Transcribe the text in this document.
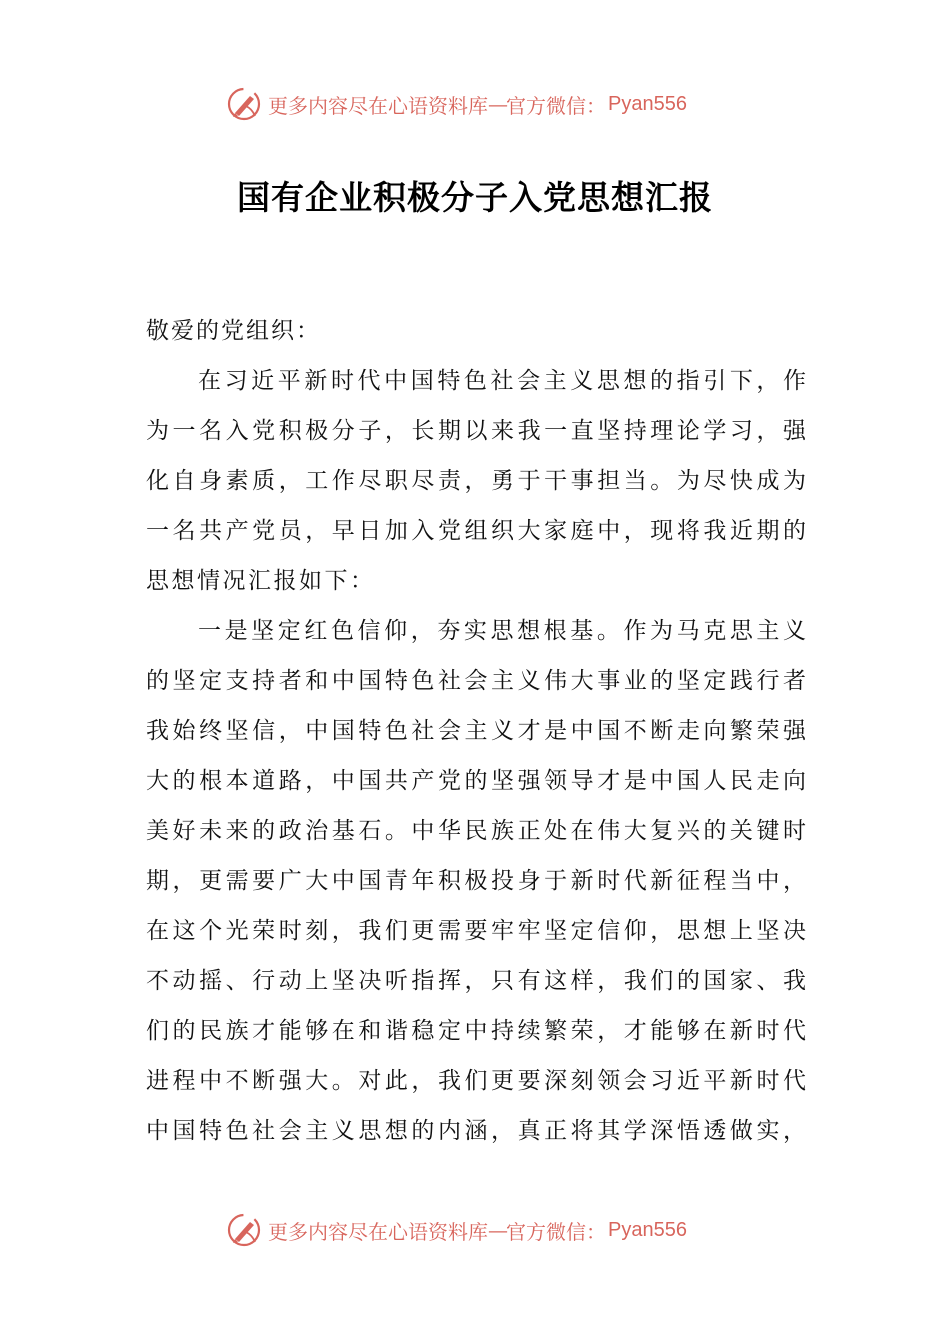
更多内容尽在心语资料库 — 官方微信： Pyan556
国有企业积极分子入党思想汇报
敬爱的党组织：
在习近平新时代中国特色社会主义思想的指引下，作
为一名入党积极分子，长期以来我一直坚持理论学习，强
化自身素质，工作尽职尽责，勇于干事担当。为尽快成为
一名共产党员，早日加入党组织大家庭中，现将我近期的
思想情况汇报如下：
一是坚定红色信仰，夯实思想根基。作为马克思主义
的坚定支持者和中国特色社会主义伟大事业的坚定践行者
我始终坚信，中国特色社会主义才是中国不断走向繁荣强
大的根本道路，中国共产党的坚强领导才是中国人民走向
美好未来的政治基石。中华民族正处在伟大复兴的关键时
期，更需要广大中国青年积极投身于新时代新征程当中，
在这个光荣时刻，我们更需要牢牢坚定信仰，思想上坚决
不动摇、行动上坚决听指挥，只有这样，我们的国家、我
们的民族才能够在和谐稳定中持续繁荣，才能够在新时代
进程中不断强大。对此，我们更要深刻领会习近平新时代
中国特色社会主义思想的内涵，真正将其学深悟透做实，
更多内容尽在心语资料库 — 官方微信： Pyan556
